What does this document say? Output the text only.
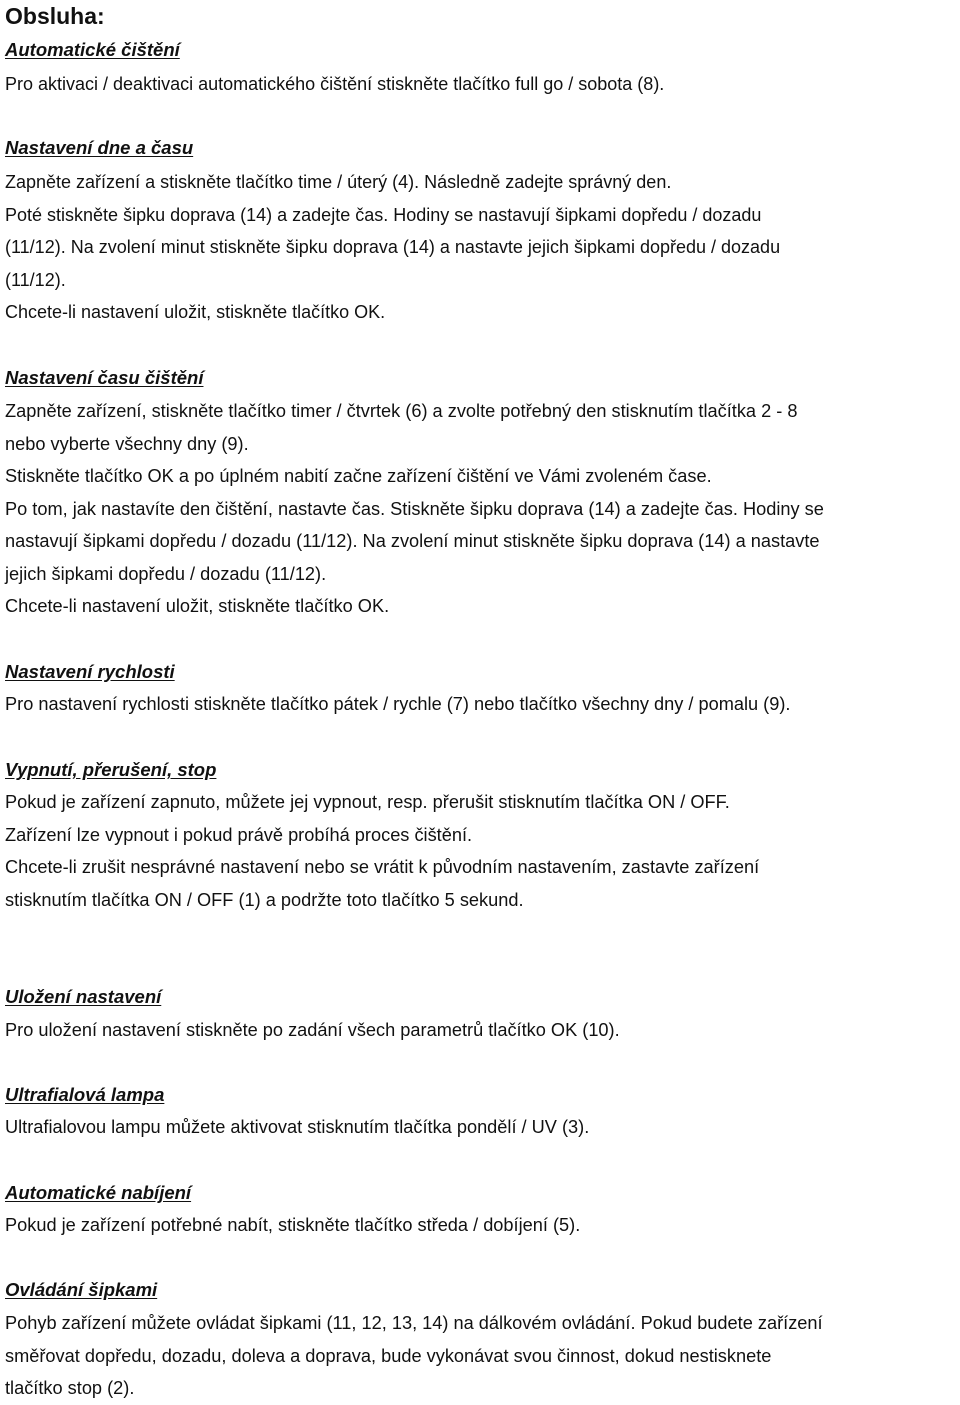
Obsluha:
Automatické čištění

Pro aktivaci / deaktivaci automatického čištění stiskněte tlačítko full go / sobota (8).

Nastavení dne a času

Zapněte zařízení a stiskněte tlačítko time / úterý (4). Následně zadejte správný den.
Poté stiskněte šipku doprava (14) a zadejte čas. Hodiny se nastavují šipkami dopředu / dozadu
(11/12). Na zvolení minut stiskněte šipku doprava (14) a nastavte jejich šipkami dopředu / dozadu
(11/12).
Chcete-li nastavení uložit, stiskněte tlačítko OK.

Nastavení času čištění

Zapněte zařízení, stiskněte tlačítko timer / čtvrtek (6) a zvolte potřebný den stisknutím tlačítka 2 - 8
nebo vyberte všechny dny (9).
Stiskněte tlačítko OK a po úplném nabití začne zařízení čištění ve Vámi zvoleném čase.
Po tom, jak nastavíte den čištění, nastavte čas. Stiskněte šipku doprava (14) a zadejte čas. Hodiny se
nastavují šipkami dopředu / dozadu (11/12). Na zvolení minut stiskněte šipku doprava (14) a nastavte
jejich šipkami dopředu / dozadu (11/12).
Chcete-li nastavení uložit, stiskněte tlačítko OK.

Nastavení rychlosti

Pro nastavení rychlosti stiskněte tlačítko pátek / rychle (7) nebo tlačítko všechny dny / pomalu (9).

Vypnutí, přerušení, stop

Pokud je zařízení zapnuto, můžete jej vypnout, resp. přerušit stisknutím tlačítka ON / OFF.
Zařízení lze vypnout i pokud právě probíhá proces čištění.
Chcete-li zrušit nesprávné nastavení nebo se vrátit k původním nastavením, zastavte zařízení
stisknutím tlačítka ON / OFF (1) a podržte toto tlačítko 5 sekund.

Uložení nastavení

Pro uložení nastavení stiskněte po zadání všech parametrů tlačítko OK (10).

Ultrafialová lampa

Ultrafialovou lampu můžete aktivovat stisknutím tlačítka pondělí / UV (3).

Automatické nabíjení

Pokud je zařízení potřebné nabít, stiskněte tlačítko středa / dobíjení (5).

Ovládání šipkami

Pohyb zařízení můžete ovládat šipkami (11, 12, 13, 14) na dálkovém ovládání. Pokud budete zařízení
směřovat dopředu, dozadu, doleva a doprava, bude vykonávat svou činnost, dokud nestisknete
tlačítko stop (2).
